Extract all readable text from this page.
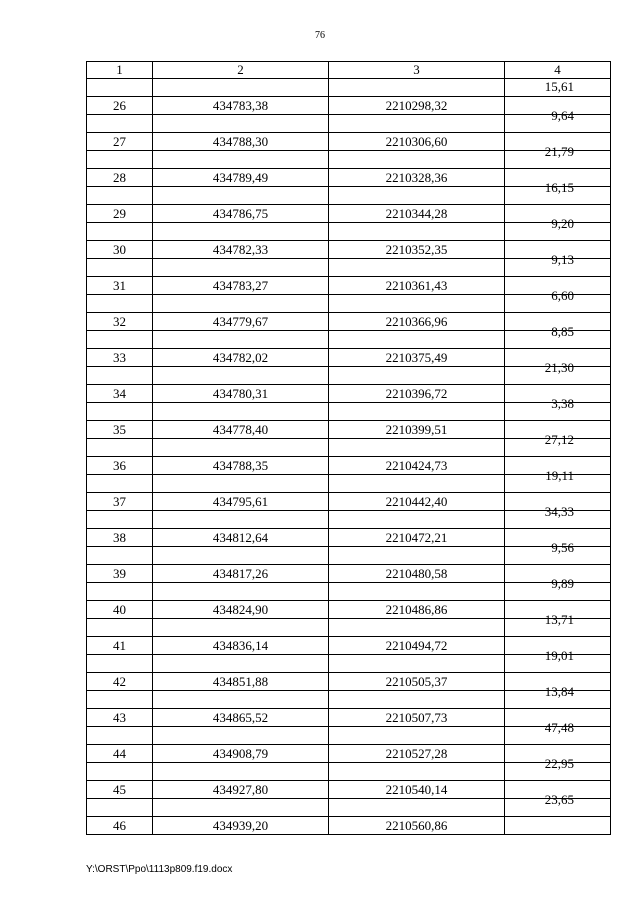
76
1	2	3	4

			15,61

26	434783,38	2210298,32	

			9,64

27	434788,30	2210306,60	

			21,79

28	434789,49	2210328,36	

			16,15

29	434786,75	2210344,28	

			9,20

30	434782,33	2210352,35	

			9,13

31	434783,27	2210361,43	

			6,60

32	434779,67	2210366,96	

			8,85

33	434782,02	2210375,49	

			21,30

34	434780,31	2210396,72	

			3,38

35	434778,40	2210399,51	

			27,12

36	434788,35	2210424,73	

			19,11

37	434795,61	2210442,40	

			34,33

38	434812,64	2210472,21	

			9,56

39	434817,26	2210480,58	

			9,89

40	434824,90	2210486,86	

			13,71

41	434836,14	2210494,72	

			19,01

42	434851,88	2210505,37	

			13,84

43	434865,52	2210507,73	

			47,48

44	434908,79	2210527,28	

			22,95

45	434927,80	2210540,14	

			23,65

46	434939,20	2210560,86	
Y:\ORST\Ppo\1113p809.f19.docx
